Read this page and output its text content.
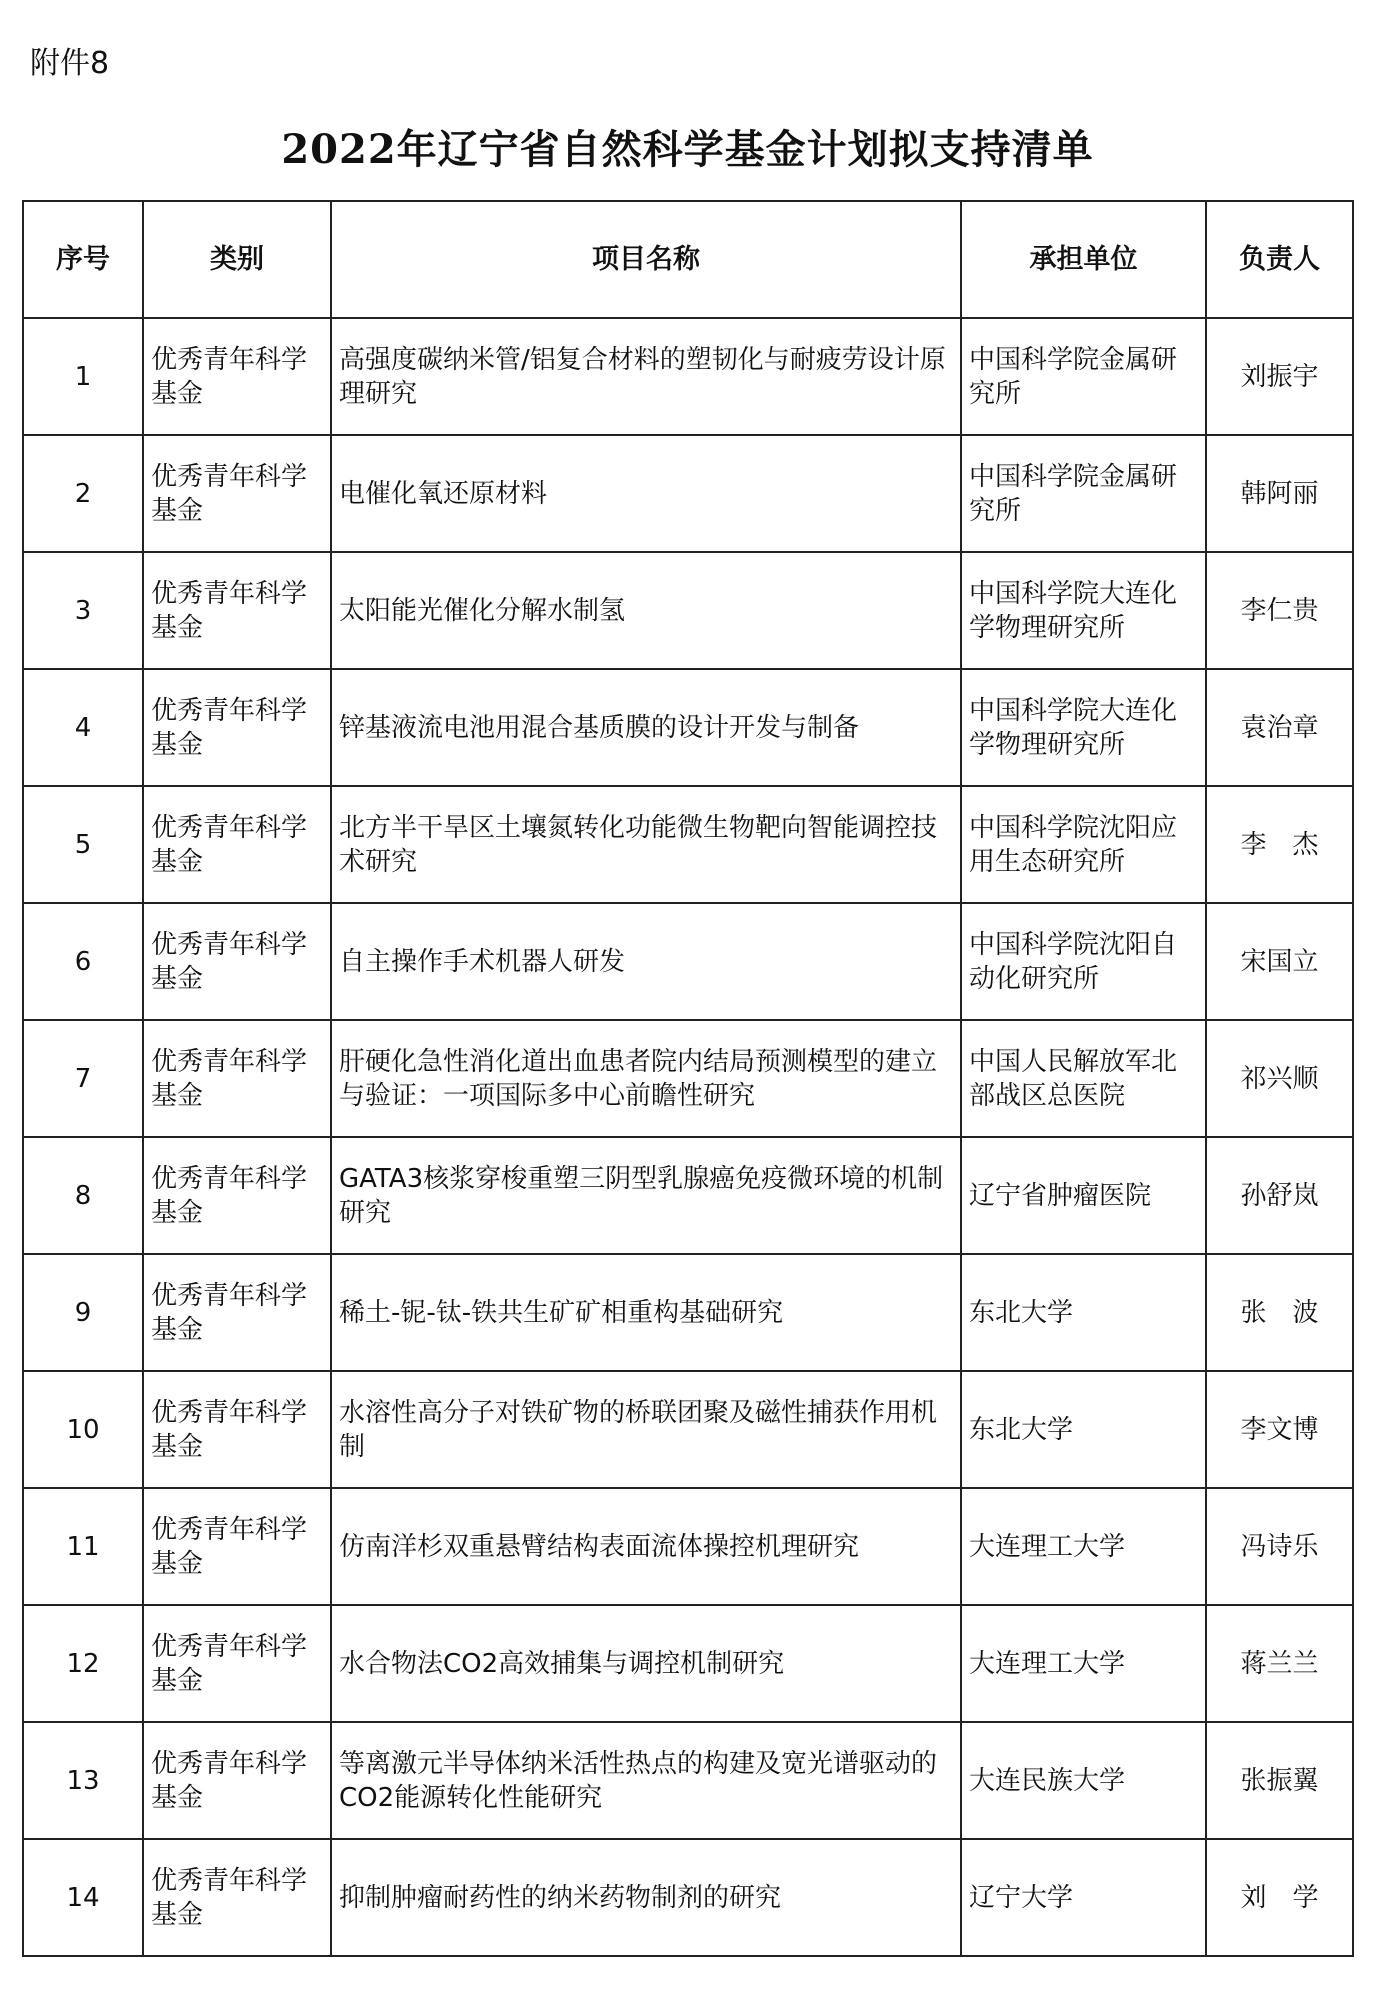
附件8
2022年辽宁省自然科学基金计划拟支持清单
序号	类别	项目名称	承担单位	负责人
1	优秀青年科学基金	高强度碳纳米管/铝复合材料的塑韧化与耐疲劳设计原理研究	中国科学院金属研究所	刘振宇
2	优秀青年科学基金	电催化氧还原材料	中国科学院金属研究所	韩阿丽
3	优秀青年科学基金	太阳能光催化分解水制氢	中国科学院大连化学物理研究所	李仁贵
4	优秀青年科学基金	锌基液流电池用混合基质膜的设计开发与制备	中国科学院大连化学物理研究所	袁治章
5	优秀青年科学基金	北方半干旱区土壤氮转化功能微生物靶向智能调控技术研究	中国科学院沈阳应用生态研究所	李　杰
6	优秀青年科学基金	自主操作手术机器人研发	中国科学院沈阳自动化研究所	宋国立
7	优秀青年科学基金	肝硬化急性消化道出血患者院内结局预测模型的建立与验证：一项国际多中心前瞻性研究	中国人民解放军北部战区总医院	祁兴顺
8	优秀青年科学基金	GATA3核浆穿梭重塑三阴型乳腺癌免疫微环境的机制研究	辽宁省肿瘤医院	孙舒岚
9	优秀青年科学基金	稀土-铌-钛-铁共生矿矿相重构基础研究	东北大学	张　波
10	优秀青年科学基金	水溶性高分子对铁矿物的桥联团聚及磁性捕获作用机制	东北大学	李文博
11	优秀青年科学基金	仿南洋杉双重悬臂结构表面流体操控机理研究	大连理工大学	冯诗乐
12	优秀青年科学基金	水合物法CO2高效捕集与调控机制研究	大连理工大学	蒋兰兰
13	优秀青年科学基金	等离激元半导体纳米活性热点的构建及宽光谱驱动的CO2能源转化性能研究	大连民族大学	张振翼
14	优秀青年科学基金	抑制肿瘤耐药性的纳米药物制剂的研究	辽宁大学	刘　学
